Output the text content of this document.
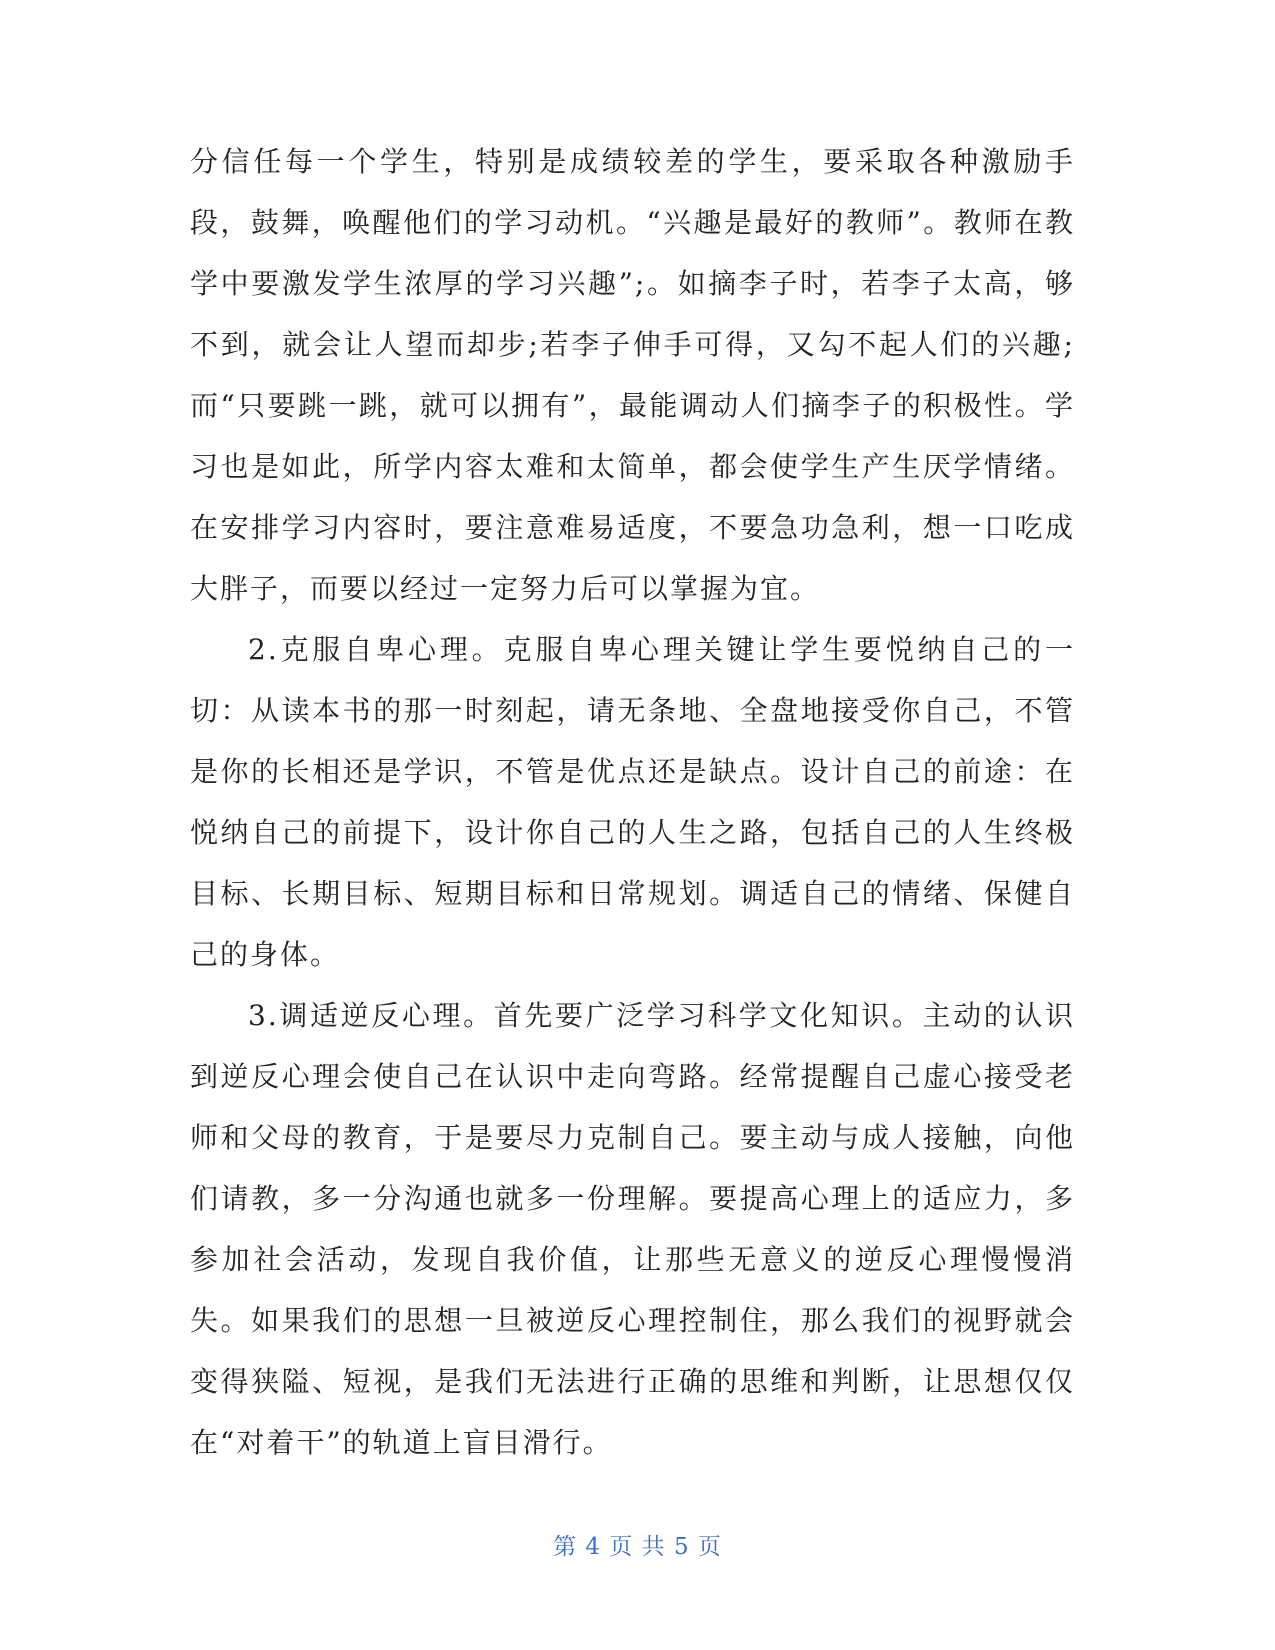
分信任每一个学生，特别是成绩较差的学生，要采取各种激励手段，鼓舞，唤醒他们的学习动机。“兴趣是最好的教师”。教师在教学中要激发学生浓厚的学习兴趣”;。如摘李子时，若李子太高，够不到，就会让人望而却步;若李子伸手可得，又勾不起人们的兴趣;而“只要跳一跳，就可以拥有”，最能调动人们摘李子的积极性。学习也是如此，所学内容太难和太简单，都会使学生产生厌学情绪。在安排学习内容时，要注意难易适度，不要急功急利，想一口吃成大胖子，而要以经过一定努力后可以掌握为宜。

2.克服自卑心理。克服自卑心理关键让学生要悦纳自己的一切：从读本书的那一时刻起，请无条地、全盘地接受你自己，不管是你的长相还是学识，不管是优点还是缺点。设计自己的前途：在悦纳自己的前提下，设计你自己的人生之路，包括自己的人生终极目标、长期目标、短期目标和日常规划。调适自己的情绪、保健自己的身体。

3.调适逆反心理。首先要广泛学习科学文化知识。主动的认识到逆反心理会使自己在认识中走向弯路。经常提醒自己虚心接受老师和父母的教育，于是要尽力克制自己。要主动与成人接触，向他们请教，多一分沟通也就多一份理解。要提高心理上的适应力，多参加社会活动，发现自我价值，让那些无意义的逆反心理慢慢消失。如果我们的思想一旦被逆反心理控制住，那么我们的视野就会变得狭隘、短视，是我们无法进行正确的思维和判断，让思想仅仅在“对着干”的轨道上盲目滑行。

第 4 页 共 5 页
